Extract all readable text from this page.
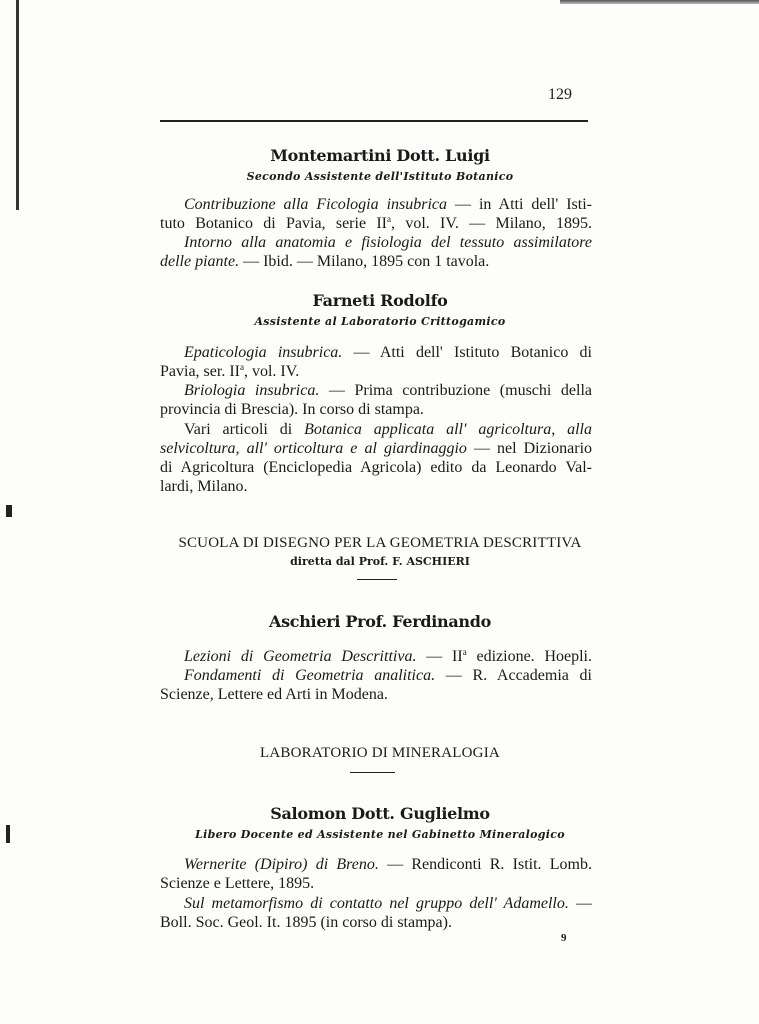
129
Montemartini Dott. Luigi
Secondo Assistente dell'Istituto Botanico
Farneti Rodolfo
Assistente al Laboratorio Crittogamico
SCUOLA DI DISEGNO PER LA GEOMETRIA DESCRITTIVA
diretta dal Prof. F. ASCHIERI
Aschieri Prof. Ferdinando
LABORATORIO DI MINERALOGIA
Salomon Dott. Guglielmo
Libero Docente ed Assistente nel Gabinetto Mineralogico
9
Contribuzione alla Ficologia insubrica — in Atti dell' Isti-
tuto Botanico di Pavia, serie $II^a$, vol. IV. — Milano, 1895.
Intorno alla anatomia e fisiologia del tessuto assimilatore
delle piante. — Ibid. — Milano, 1895 con 1 tavola.
Epaticologia insubrica. — Atti dell' Istituto Botanico di
Pavia, ser. $II^a$, vol. IV.
Briologia insubrica. — Prima contribuzione (muschi della
provincia di Brescia). In corso di stampa.
Vari articoli di Botanica applicata all' agricoltura, alla
selvicoltura, all' orticoltura e al giardinaggio — nel Dizionario
di Agricoltura (Enciclopedia Agricola) edito da Leonardo Val-
lardi, Milano.
Lezioni di Geometria Descrittiva. — $II^a$ edizione. Hoepli.
Fondamenti di Geometria analitica. — R. Accademia di
Scienze, Lettere ed Arti in Modena.
Wernerite (Dipiro) di Breno. — Rendiconti R. Istit. Lomb.
Scienze e Lettere, 1895.
Sul metamorfismo di contatto nel gruppo dell' Adamello. —
Boll. Soc. Geol. It. 1895 (in corso di stampa).
